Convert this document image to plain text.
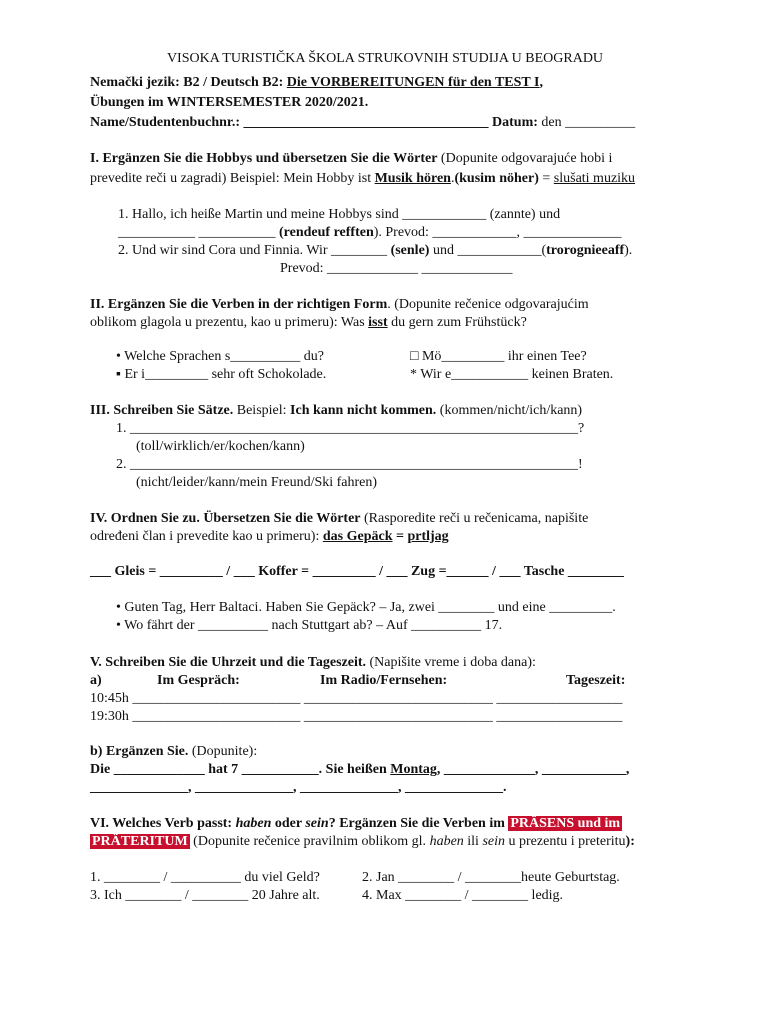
VISOKA TURISTIČKA ŠKOLA STRUKOVNIH STUDIJA U BEOGRADU
Nemački jezik: B2 / Deutsch B2: Die VORBEREITUNGEN für den TEST I,
Übungen im WINTERSEMESTER 2020/2021.
Name/Studentenbuchnr.: ___________________________________ Datum: den __________
I. Ergänzen Sie die Hobbys und übersetzen Sie die Wörter (Dopunite odgovarajuće hobi i
prevedite reči u zagradi) Beispiel: Mein Hobby ist Musik hören.(kusim nöher) = slušati muziku
1. Hallo, ich heiße Martin und meine Hobbys sind ____________ (zannte) und
___________ ___________ (rendeuf refften). Prevod: ____________, ______________
2. Und wir sind Cora und Finnia. Wir ________ (senle) und ____________(trorognieeaff).
Prevod: _____________ _____________
II. Ergänzen Sie die Verben in der richtigen Form. (Dopunite rečenice odgovarajućim
oblikom glagola u prezentu, kao u primeru): Was isst du gern zum Frühstück?
• Welche Sprachen s__________ du?	□ Mö_________ ihr einen Tee?
▪ Er i_________ sehr oft Schokolade.	* Wir e___________ keinen Braten.
III. Schreiben Sie Sätze. Beispiel: Ich kann nicht kommen. (kommen/nicht/ich/kann)
1. ________________________________________________________________?
(toll/wirklich/er/kochen/kann)
2. ________________________________________________________________!
(nicht/leider/kann/mein Freund/Ski fahren)
IV. Ordnen Sie zu. Übersetzen Sie die Wörter (Rasporedite reči u rečenicama, napišite
određeni član i prevedite kao u primeru): das Gepäck = prtljag
___ Gleis = _________ / ___ Koffer = _________ / ___ Zug =______ / ___ Tasche ________
• Guten Tag, Herr Baltaci. Haben Sie Gepäck? – Ja, zwei ________ und eine _________.
• Wo fährt der __________ nach Stuttgart ab? – Auf __________ 17.
V. Schreiben Sie die Uhrzeit und die Tageszeit. (Napišite vreme i doba dana):
a)	Im Gespräch:	Im Radio/Fernsehen:	Tageszeit:
10:45h ________________________ ___________________________ __________________
19:30h ________________________ ___________________________ __________________
b) Ergänzen Sie. (Dopunite):
Die _____________ hat 7 ___________. Sie heißen Montag, _____________, ____________,
______________, ______________, ______________, ______________.
VI. Welches Verb passt: haben oder sein? Ergänzen Sie die Verben im PRÄSENS und im
PRÄTERITUM (Dopunite rečenice pravilnim oblikom gl. haben ili sein u prezentu i preteritu):
1. ________ / __________ du viel Geld?	2. Jan ________ / ________heute Geburtstag.
3. Ich ________ / ________ 20 Jahre alt.	4. Max ________ / ________ ledig.
